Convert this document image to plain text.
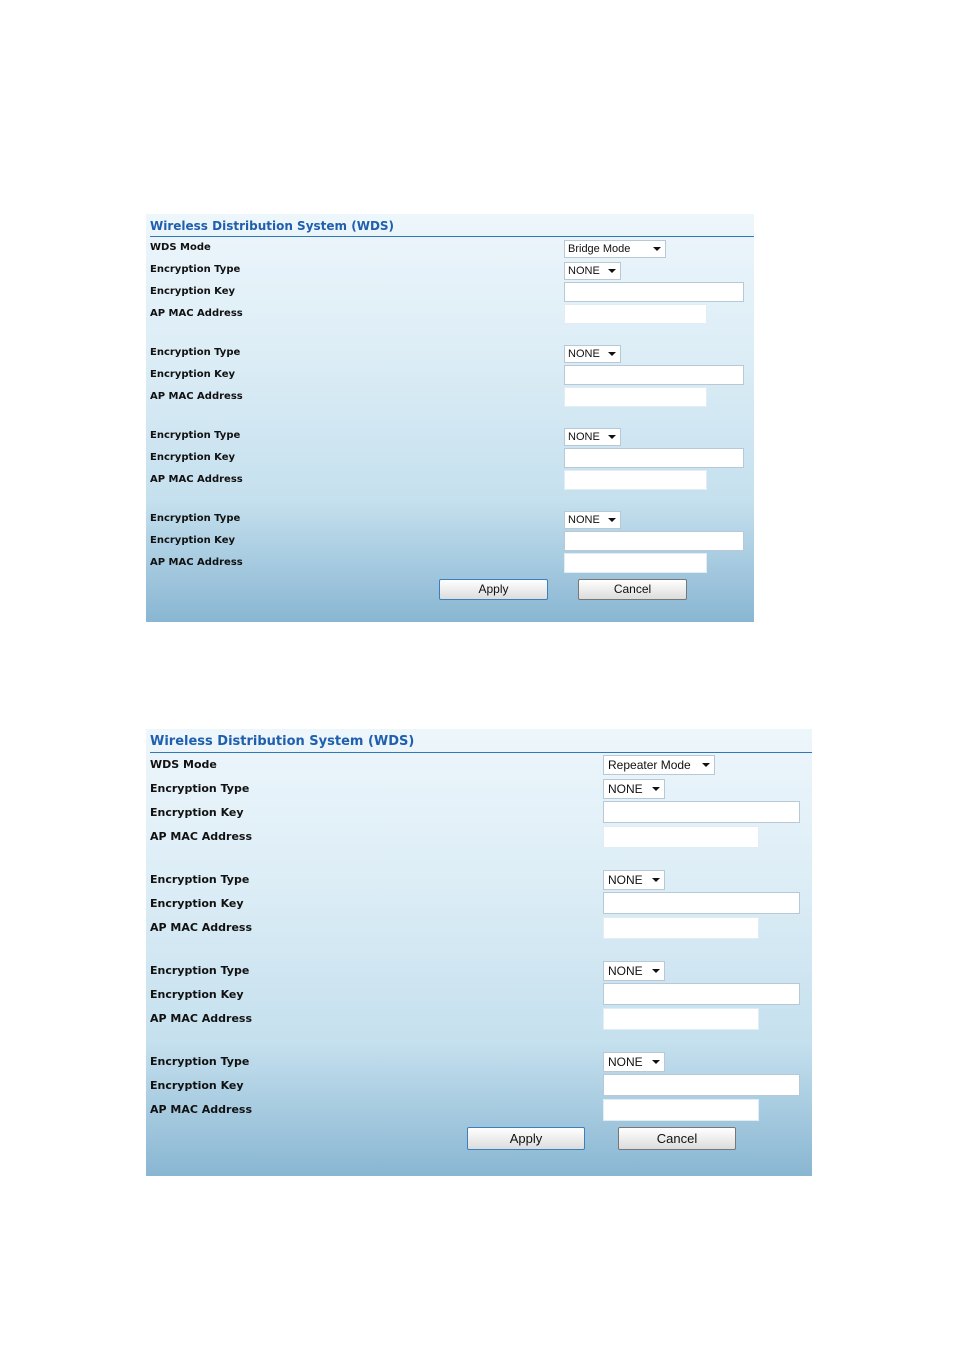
Wireless Distribution System (WDS)
WDS Mode	Bridge Mode
Encryption Type	NONE
Encryption Key
AP MAC Address
Encryption Type	NONE
Encryption Key
AP MAC Address
Encryption Type	NONE
Encryption Key
AP MAC Address
Encryption Type	NONE
Encryption Key
AP MAC Address
Apply	Cancel
Wireless Distribution System (WDS)
WDS Mode	Repeater Mode
Encryption Type	NONE
Encryption Key
AP MAC Address
Encryption Type	NONE
Encryption Key
AP MAC Address
Encryption Type	NONE
Encryption Key
AP MAC Address
Encryption Type	NONE
Encryption Key
AP MAC Address
Apply	Cancel
